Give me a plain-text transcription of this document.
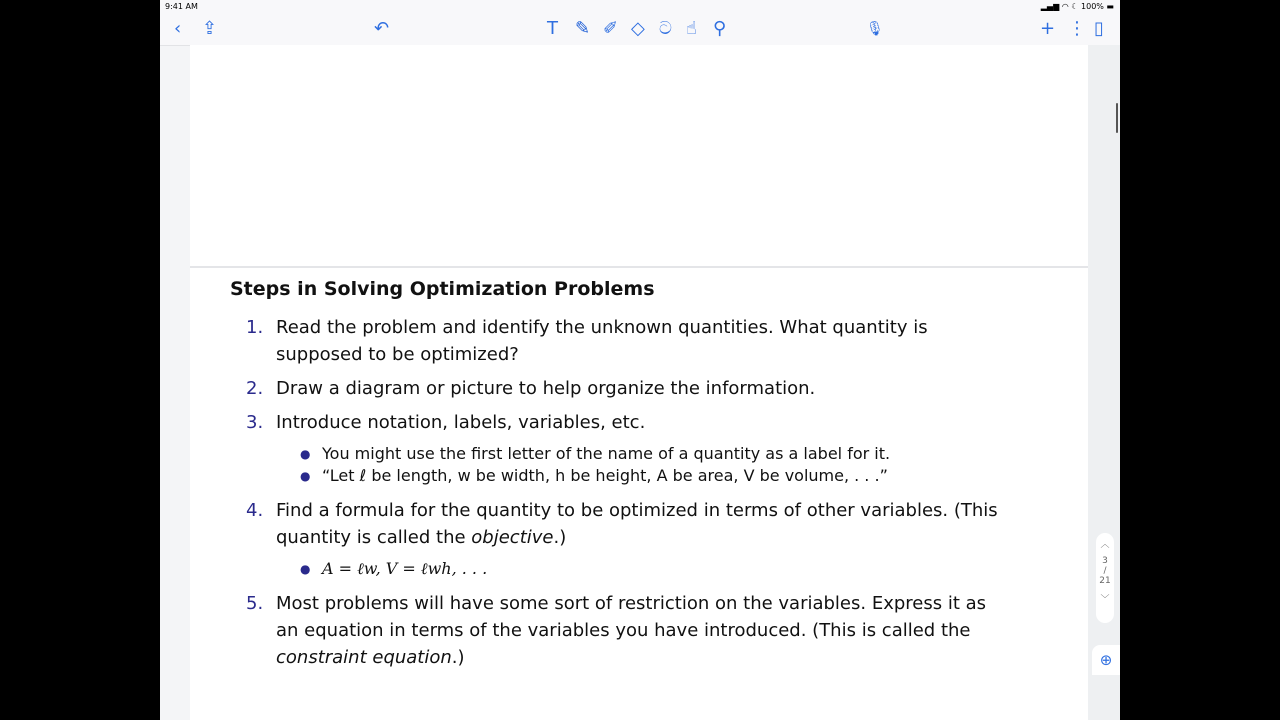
9:41 AM	▂▄▆ ◠ ☾ 100% ▬
‹ ⇪	↶	T ✎ ✐ ◇ ට ☝ ⚲	🎙	+ ⋮ ▯
Steps in Solving Optimization Problems
1. Read the problem and identify the unknown quantities. What quantity is supposed to be optimized?
2. Draw a diagram or picture to help organize the information.
3. Introduce notation, labels, variables, etc.
● You might use the first letter of the name of a quantity as a label for it.
● “Let ℓ be length, w be width, h be height, A be area, V be volume, . . .”
4. Find a formula for the quantity to be optimized in terms of other variables. (This quantity is called the objective.)
● A = ℓw, V = ℓwh, . . .
5. Most problems will have some sort of restriction on the variables. Express it as an equation in terms of the variables you have introduced. (This is called the constraint equation.)
︿
3
/
21
﹀
⊕
